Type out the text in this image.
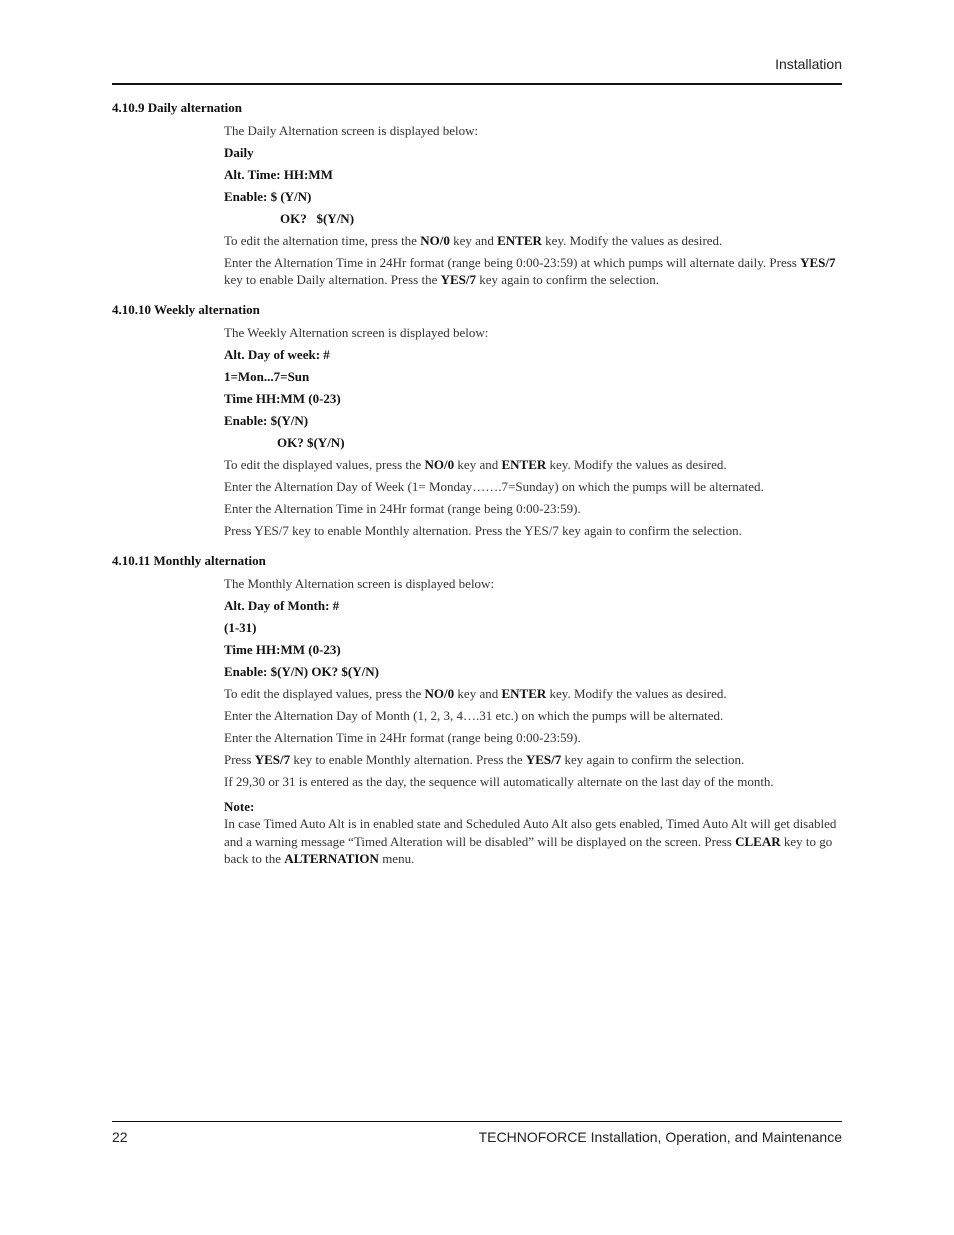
Installation
4.10.9 Daily alternation
The Daily Alternation screen is displayed below:
Daily
Alt. Time: HH:MM
Enable: $ (Y/N)
OK?   $(Y/N)
To edit the alternation time, press the NO/0 key and ENTER key. Modify the values as desired.
Enter the Alternation Time in 24Hr format (range being 0:00-23:59) at which pumps will alternate daily. Press YES/7 key to enable Daily alternation. Press the YES/7 key again to confirm the selection.
4.10.10 Weekly alternation
The Weekly Alternation screen is displayed below:
Alt. Day of week: #
1=Mon...7=Sun
Time HH:MM (0-23)
Enable: $(Y/N)
OK? $(Y/N)
To edit the displayed values, press the NO/0 key and ENTER key. Modify the values as desired.
Enter the Alternation Day of Week (1= Monday…….7=Sunday) on which the pumps will be alternated.
Enter the Alternation Time in 24Hr format (range being 0:00-23:59).
Press YES/7 key to enable Monthly alternation. Press the YES/7 key again to confirm the selection.
4.10.11 Monthly alternation
The Monthly Alternation screen is displayed below:
Alt. Day of Month: #
(1-31)
Time HH:MM (0-23)
Enable: $(Y/N) OK? $(Y/N)
To edit the displayed values, press the NO/0 key and ENTER key. Modify the values as desired.
Enter the Alternation Day of Month (1, 2, 3, 4….31 etc.) on which the pumps will be alternated.
Enter the Alternation Time in 24Hr format (range being 0:00-23:59).
Press YES/7 key to enable Monthly alternation. Press the YES/7 key again to confirm the selection.
If 29,30 or 31 is entered as the day, the sequence will automatically alternate on the last day of the month.
Note:
In case Timed Auto Alt is in enabled state and Scheduled Auto Alt also gets enabled, Timed Auto Alt will get disabled and a warning message “Timed Alteration will be disabled” will be displayed on the screen. Press CLEAR key to go back to the ALTERNATION menu.
22	TECHNOFORCE Installation, Operation, and Maintenance
